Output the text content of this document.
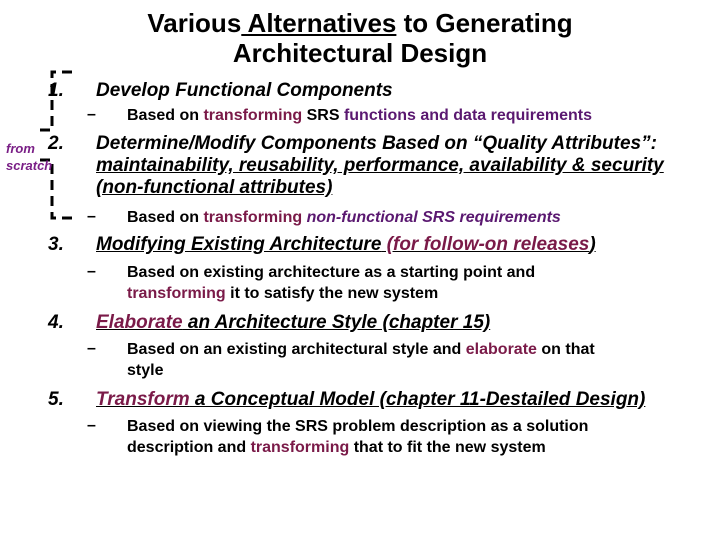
Various Alternatives to Generating
Architectural Design
from
scratch
1. Develop Functional Components
– Based on transforming SRS functions and data requirements
2. Determine/Modify Components Based on “Quality Attributes”:
maintainability, reusability, performance, availability & security
(non-functional attributes)
– Based on transforming non-functional SRS requirements
3. Modifying Existing Architecture (for follow-on releases)
– Based on existing architecture as a starting point and
transforming it to satisfy the new system
4. Elaborate an Architecture Style (chapter 15)
– Based on an existing architectural style and elaborate on that
style
5. Transform a Conceptual Model (chapter 11-Destailed Design)
– Based on viewing the SRS problem description as a solution
description and transforming that to fit the new system
